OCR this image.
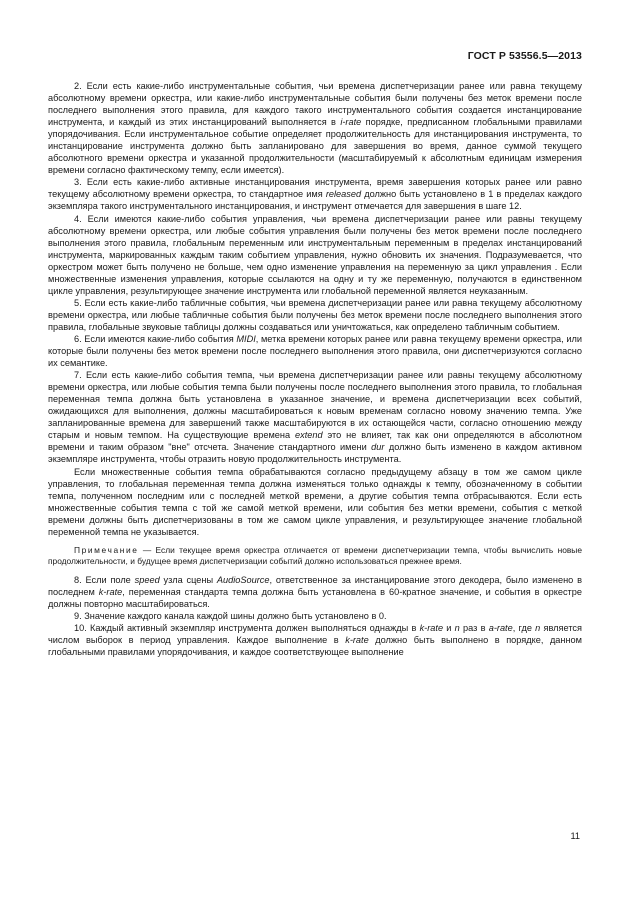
ГОСТ Р 53556.5—2013

2. Если есть какие-либо инструментальные события, чьи времена диспетчеризации ранее или равна текущему абсолютному времени оркестра, или какие-либо инструментальные события были получены без меток времени после последнего выполнения этого правила, для каждого такого инструментального события создается инстанцирование инструмента, и каждый из этих инстанцирований выполняется в i-rate порядке, предписанном глобальными правилами упорядочивания. Если инструментальное событие определяет продолжительность для инстанцирования инструмента, то инстанцирование инструмента должно быть запланировано для завершения во время, данное суммой текущего абсолютного времени оркестра и указанной продолжительности (масштабируемый к абсолютным единицам измерения времени согласно фактическому темпу, если имеется).

3. Если есть какие-либо активные инстанцирования инструмента, время завершения которых ранее или равно текущему абсолютному времени оркестра, то стандартное имя released должно быть установлено в 1 в пределах каждого экземпляра такого инструментального инстанцирования, и инструмент отмечается для завершения в шаге 12.

4. Если имеются какие-либо события управления, чьи времена диспетчеризации ранее или равны текущему абсолютному времени оркестра, или любые события управления были получены без меток времени после последнего выполнения этого правила, глобальным переменным или инструментальным переменным в пределах инстанцирований инструмента, маркированных каждым таким событием управления, нужно обновить их значения. Подразумевается, что оркестром может быть получено не больше, чем одно изменение управления на переменную за цикл управления . Если множественные изменения управления, которые ссылаются на одну и ту же переменную, получаются в единственном цикле управления, результирующее значение инструмента или глобальной переменной является неуказанным.

5. Если есть какие-либо табличные события, чьи времена диспетчеризации ранее или равна текущему абсолютному времени оркестра, или любые табличные события были получены без меток времени после последнего выполнения этого правила, глобальные звуковые таблицы должны создаваться или уничтожаться, как определено табличным событием.

6. Если имеются какие-либо события MIDI, метка времени которых ранее или равна текущему времени оркестра, или которые были получены без меток времени после последнего выполнения этого правила, они диспетчеризуются согласно их семантике.

7. Если есть какие-либо события темпа, чьи времена диспетчеризации ранее или равны текущему абсолютному времени оркестра, или любые события темпа были получены после последнего выполнения этого правила, то глобальная переменная темпа должна быть установлена в указанное значение, и времена диспетчеризации всех событий, ожидающихся для выполнения, должны масштабироваться к новым временам согласно новому значению темпа. Уже запланированные времена для завершений также масштабируются в их остающейся части, согласно отношению между старым и новым темпом. На существующие времена extend это не влияет, так как они определяются в абсолютном времени и таким образом "вне" отсчета. Значение стандартного имени dur должно быть изменено в каждом активном экземпляре инструмента, чтобы отразить новую продолжительность инструмента.

Если множественные события темпа обрабатываются согласно предыдущему абзацу в том же самом цикле управления, то глобальная переменная темпа должна изменяться только однажды к темпу, обозначенному в событии темпа, полученном последним или с последней меткой времени, а другие события темпа отбрасываются. Если есть множественные события темпа с той же самой меткой времени, или события без метки времени, события с меткой времени должны быть диспетчеризованы в том же самом цикле управления, и результирующее значение глобальной переменной темпа не указывается.

Примечание — Если текущее время оркестра отличается от времени диспетчеризации темпа, чтобы вычислить новые продолжительности, и будущее время диспетчеризации событий должно использоваться прежнее время.

8. Если поле speed узла сцены AudioSource, ответственное за инстанцирование этого декодера, было изменено в последнем k-rate, переменная стандарта темпа должна быть установлена в 60-кратное значение, и события в оркестре должны повторно масштабироваться.

9. Значение каждого канала каждой шины должно быть установлено в 0.

10. Каждый активный экземпляр инструмента должен выполняться однажды в k-rate и n раз в a-rate, где n является числом выборок в период управления. Каждое выполнение в k-rate должно быть выполнено в порядке, данном глобальными правилами упорядочивания, и каждое соответствующее выполнение

11
